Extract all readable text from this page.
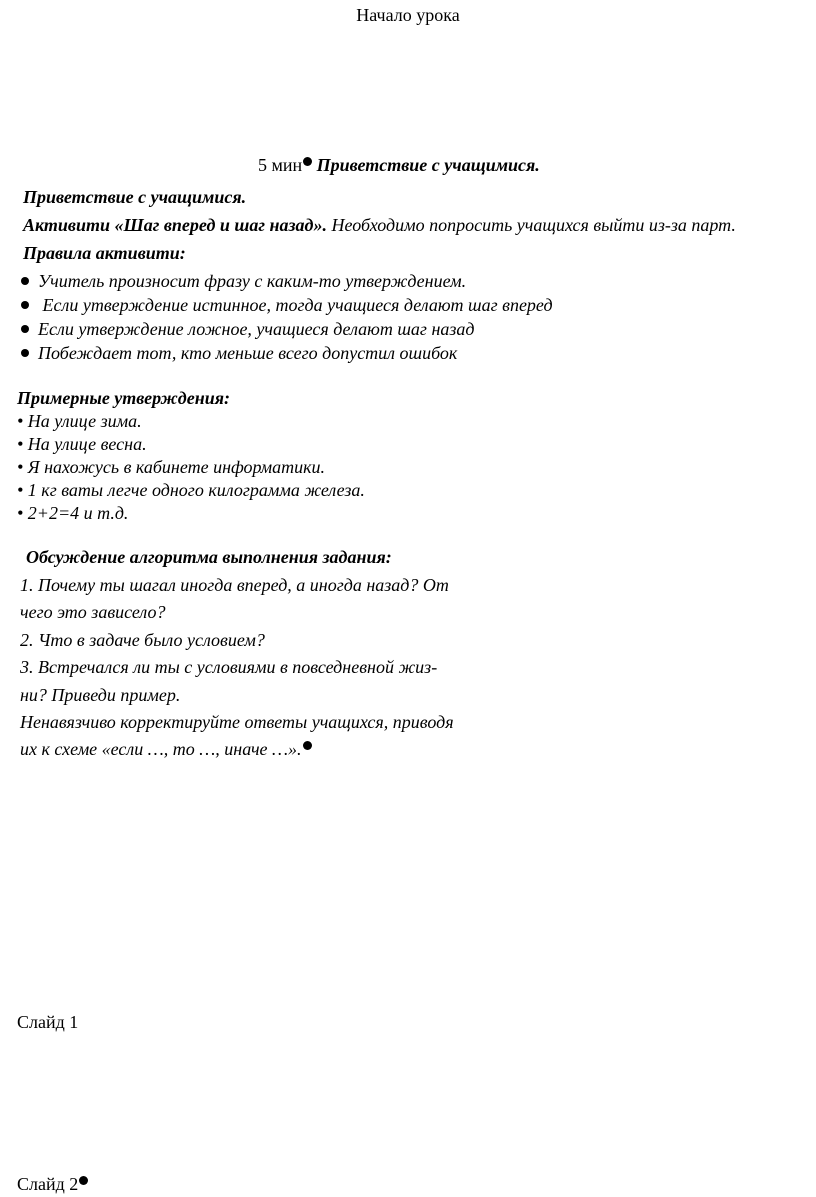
Начало урока
5 мин Приветствие с учащимися.
Приветствие с учащимися.
Активити «Шаг вперед и шаг назад». Необходимо попросить учащихся выйти из-за парт.
Правила активити:
Учитель произносит фразу с каким-то утверждением.
Если утверждение истинное, тогда учащиеся делают шаг вперед
Если утверждение ложное, учащиеся делают шаг назад
Побеждает тот, кто меньше всего допустил ошибок
Примерные утверждения:
• На улице зима.
• На улице весна.
• Я нахожусь в кабинете информатики.
• 1 кг ваты легче одного килограмма железа.
• 2+2=4 и т.д.
Обсуждение алгоритма выполнения задания:
1. Почему ты шагал иногда вперед, а иногда назад? От
чего это зависело?
2. Что в задаче было условием?
3. Встречался ли ты с условиями в повседневной жиз-
ни? Приведи пример.
Ненавязчиво корректируйте ответы учащихся, приводя
их к схеме «если …, то …, иначе …».
Слайд 1
Слайд 2
